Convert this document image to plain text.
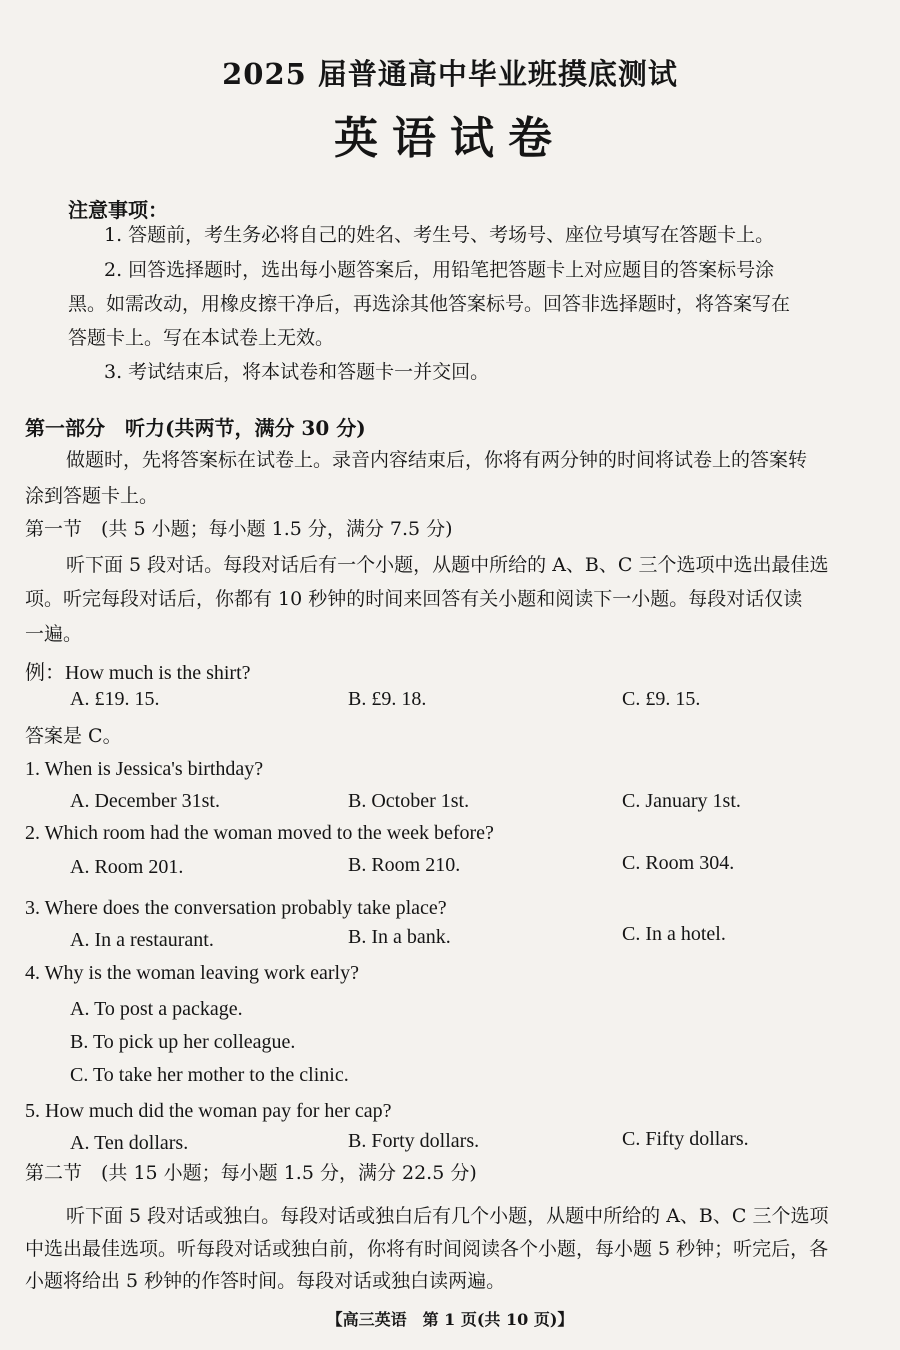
2025 届普通高中毕业班摸底测试
英语试卷
注意事项：
1. 答题前，考生务必将自己的姓名、考生号、考场号、座位号填写在答题卡上。
2. 回答选择题时，选出每小题答案后，用铅笔把答题卡上对应题目的答案标号涂
黑。如需改动，用橡皮擦干净后，再选涂其他答案标号。回答非选择题时，将答案写在
答题卡上。写在本试卷上无效。
3. 考试结束后，将本试卷和答题卡一并交回。
第一部分　听力(共两节，满分 30 分)
做题时，先将答案标在试卷上。录音内容结束后，你将有两分钟的时间将试卷上的答案转
涂到答题卡上。
第一节　(共 5 小题；每小题 1.5 分，满分 7.5 分)
听下面 5 段对话。每段对话后有一个小题，从题中所给的 A、B、C 三个选项中选出最佳选
项。听完每段对话后，你都有 10 秒钟的时间来回答有关小题和阅读下一小题。每段对话仅读
一遍。
例：How much is the shirt?
A. £19. 15.	B. £9. 18.	C. £9. 15.
答案是 C。
1. When is Jessica's birthday?
A. December 31st.	B. October 1st.	C. January 1st.
2. Which room had the woman moved to the week before?
A. Room 201.	B. Room 210.	C. Room 304.
3. Where does the conversation probably take place?
A. In a restaurant.	B. In a bank.	C. In a hotel.
4. Why is the woman leaving work early?
A. To post a package.
B. To pick up her colleague.
C. To take her mother to the clinic.
5. How much did the woman pay for her cap?
A. Ten dollars.	B. Forty dollars.	C. Fifty dollars.
第二节　(共 15 小题；每小题 1.5 分，满分 22.5 分)
听下面 5 段对话或独白。每段对话或独白后有几个小题，从题中所给的 A、B、C 三个选项
中选出最佳选项。听每段对话或独白前，你将有时间阅读各个小题，每小题 5 秒钟；听完后，各
小题将给出 5 秒钟的作答时间。每段对话或独白读两遍。
【高三英语　第 1 页(共 10 页)】
